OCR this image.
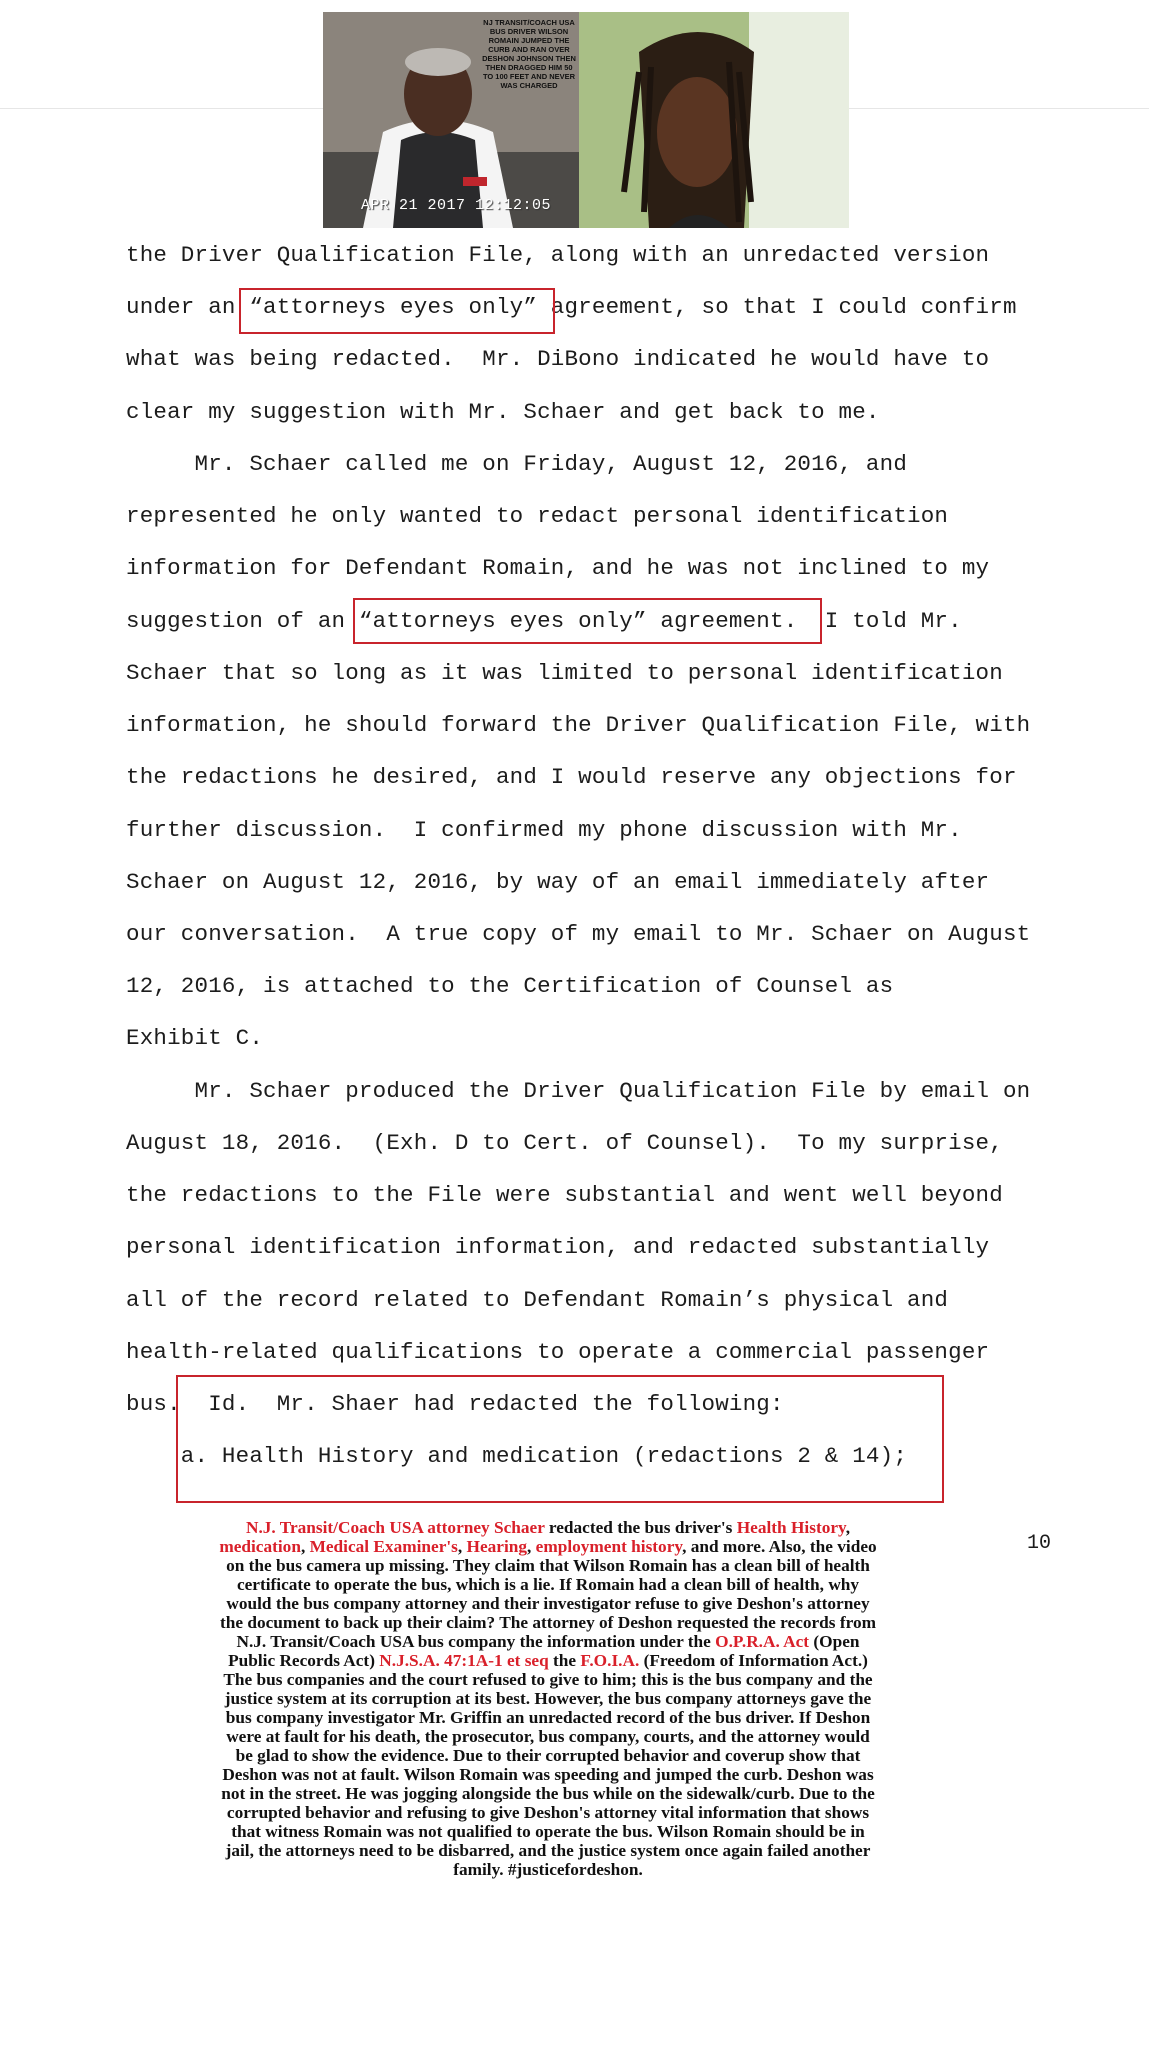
NJ TRANSIT/COACH USA BUS DRIVER WILSON ROMAIN JUMPED THE CURB AND RAN OVER DESHON JOHNSON THEN THEN DRAGGED HIM 50 TO 100 FEET AND NEVER WAS CHARGED
APR 21 2017 12:12:05
the Driver Qualification File, along with an unredacted version
under an “attorneys eyes only” agreement, so that I could confirm
what was being redacted.  Mr. DiBono indicated he would have to
clear my suggestion with Mr. Schaer and get back to me.
Mr. Schaer called me on Friday, August 12, 2016, and
represented he only wanted to redact personal identification
information for Defendant Romain, and he was not inclined to my
suggestion of an “attorneys eyes only” agreement.  I told Mr.
Schaer that so long as it was limited to personal identification
information, he should forward the Driver Qualification File, with
the redactions he desired, and I would reserve any objections for
further discussion.  I confirmed my phone discussion with Mr.
Schaer on August 12, 2016, by way of an email immediately after
our conversation.  A true copy of my email to Mr. Schaer on August
12, 2016, is attached to the Certification of Counsel as
Exhibit C.
Mr. Schaer produced the Driver Qualification File by email on
August 18, 2016.  (Exh. D to Cert. of Counsel).  To my surprise,
the redactions to the File were substantial and went well beyond
personal identification information, and redacted substantially
all of the record related to Defendant Romain’s physical and
health-related qualifications to operate a commercial passenger
bus.  Id.  Mr. Shaer had redacted the following:
a. Health History and medication (redactions 2 & 14);
10
N.J. Transit/Coach USA attorney Schaer redacted the bus driver's Health History, medication, Medical Examiner's, Hearing, employment history, and more. Also, the video on the bus camera up missing. They claim that Wilson Romain has a clean bill of health certificate to operate the bus, which is a lie. If Romain had a clean bill of health, why would the bus company attorney and their investigator refuse to give Deshon's attorney the document to back up their claim? The attorney of Deshon requested the records from N.J. Transit/Coach USA bus company the information under the O.P.R.A. Act (Open Public Records Act) N.J.S.A. 47:1A-1 et seq the F.O.I.A. (Freedom of Information Act.) The bus companies and the court refused to give to him; this is the bus company and the justice system at its corruption at its best. However, the bus company attorneys gave the bus company investigator Mr. Griffin an unredacted record of the bus driver. If Deshon were at fault for his death, the prosecutor, bus company, courts, and the attorney would be glad to show the evidence. Due to their corrupted behavior and coverup show that Deshon was not at fault. Wilson Romain was speeding and jumped the curb. Deshon was not in the street. He was jogging alongside the bus while on the sidewalk/curb. Due to the corrupted behavior and refusing to give Deshon's attorney vital information that shows that witness Romain was not qualified to operate the bus. Wilson Romain should be in jail, the attorneys need to be disbarred, and the justice system once again failed another family. #justicefordeshon.
